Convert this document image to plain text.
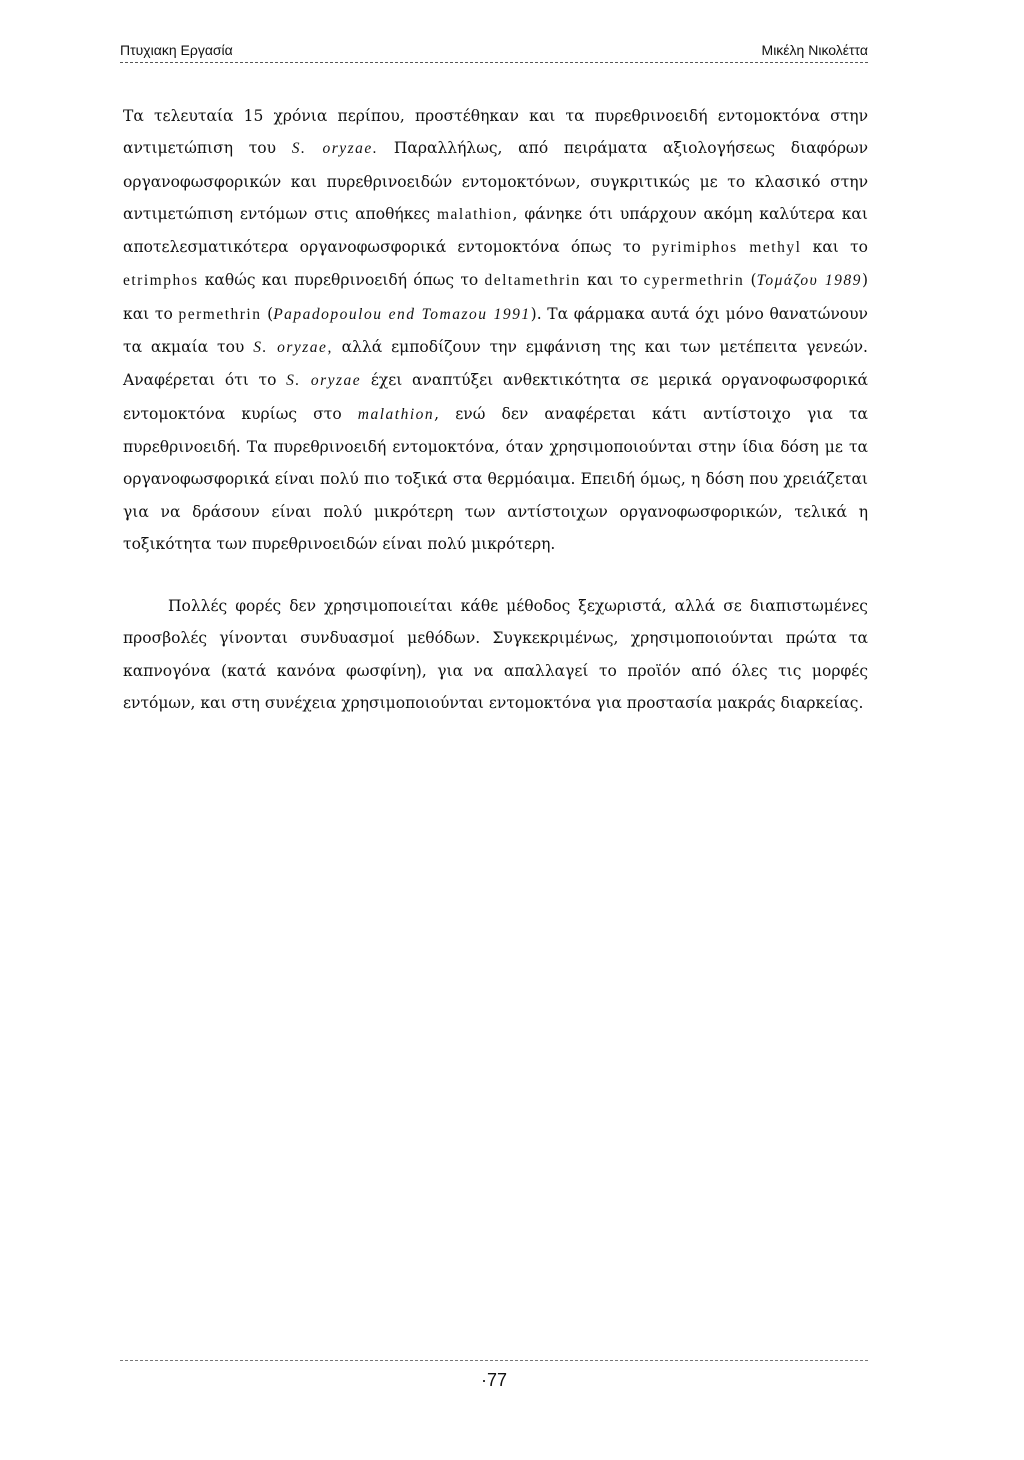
Πτυχιακη Εργασία	Μικέλη Νικολέττα

Τα τελευταία 15 χρόνια περίπου, προστέθηκαν και τα πυρεθρινοειδή εντομοκτόνα στην αντιμετώπιση του S. oryzae. Παραλλήλως, από πειράματα αξιολογήσεως διαφόρων οργανοφωσφορικών και πυρεθρινοειδών εντομοκτόνων, συγκριτικώς με το κλασικό στην αντιμετώπιση εντόμων στις αποθήκες malathion, φάνηκε ότι υπάρχουν ακόμη καλύτερα και αποτελεσματικότερα οργανοφωσφορικά εντομοκτόνα όπως το pyrimiphos methyl και το etrimphos καθώς και πυρεθρινοειδή όπως το deltamethrin και το cypermethrin (Τομάζου 1989) και το permethrin (Papadopoulou end Tomazou 1991). Τα φάρμακα αυτά όχι μόνο θανατώνουν τα ακμαία του S. oryzae, αλλά εμποδίζουν την εμφάνιση της και των μετέπειτα γενεών. Αναφέρεται ότι το S. oryzae έχει αναπτύξει ανθεκτικότητα σε μερικά οργανοφωσφορικά εντομοκτόνα κυρίως στο malathion, ενώ δεν αναφέρεται κάτι αντίστοιχο για τα πυρεθρινοειδή. Τα πυρεθρινοειδή εντομοκτόνα, όταν χρησιμοποιούνται στην ίδια δόση με τα οργανοφωσφορικά είναι πολύ πιο τοξικά στα θερμόαιμα. Επειδή όμως, η δόση που χρειάζεται για να δράσουν είναι πολύ μικρότερη των αντίστοιχων οργανοφωσφορικών, τελικά η τοξικότητα των πυρεθρινοειδών είναι πολύ μικρότερη.

Πολλές φορές δεν χρησιμοποιείται κάθε μέθοδος ξεχωριστά, αλλά σε διαπιστωμένες προσβολές γίνονται συνδυασμοί μεθόδων. Συγκεκριμένως, χρησιμοποιούνται πρώτα τα καπνογόνα (κατά κανόνα φωσφίνη), για να απαλλαγεί το προϊόν από όλες τις μορφές εντόμων, και στη συνέχεια χρησιμοποιούνται εντομοκτόνα για προστασία μακράς διαρκείας.

·77
